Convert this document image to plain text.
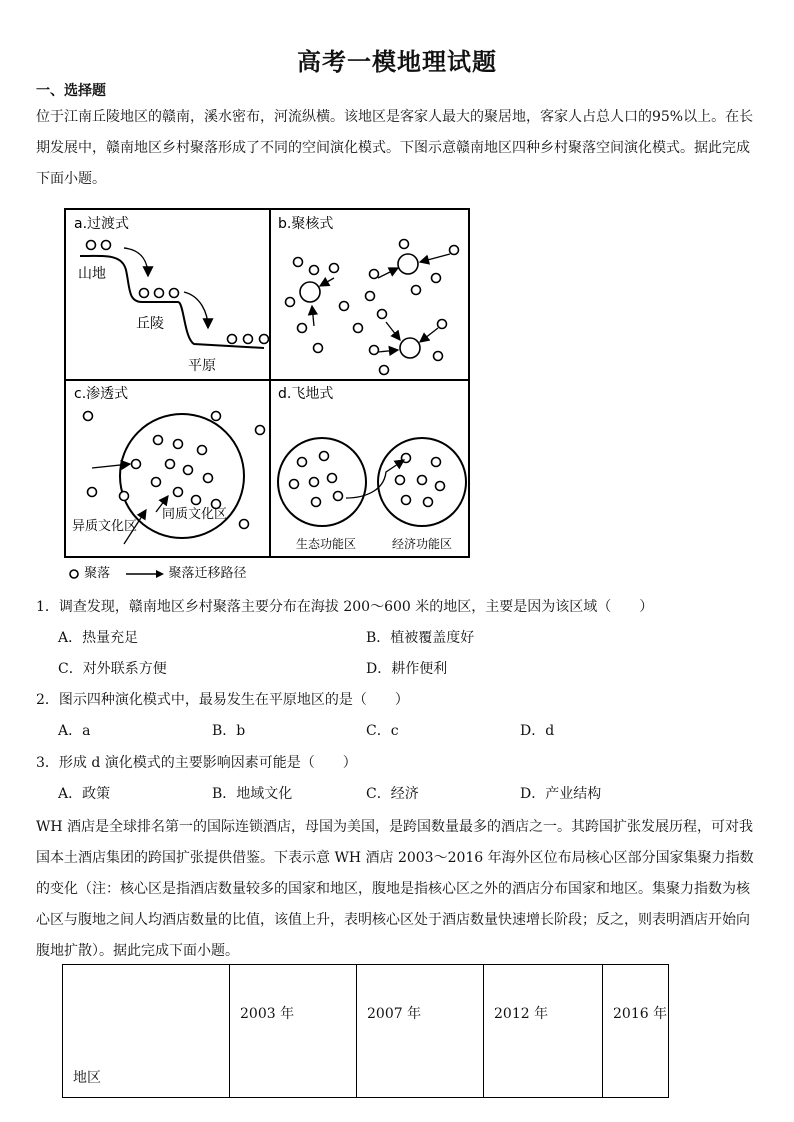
高考一模地理试题
一、选择题
位于江南丘陵地区的赣南，溪水密布，河流纵横。该地区是客家人最大的聚居地，客家人占总人口的95%以上。在长期发展中，赣南地区乡村聚落形成了不同的空间演化模式。下图示意赣南地区四种乡村聚落空间演化模式。据此完成下面小题。
a.过渡式
山地
丘陵
平原
b.聚核式
c.渗透式
异质文化区
同质文化区
d.飞地式
生态功能区	经济功能区
聚落	聚落迁移路径
1．调查发现，赣南地区乡村聚落主要分布在海拔 200～600 米的地区，主要是因为该区域（　　）
A．热量充足	B．植被覆盖度好
C．对外联系方便	D．耕作便利
2．图示四种演化模式中，最易发生在平原地区的是（　　）
A．a	B．b	C．c	D．d
3．形成 d 演化模式的主要影响因素可能是（　　）
A．政策	B．地域文化	C．经济	D．产业结构
WH 酒店是全球排名第一的国际连锁酒店，母国为美国，是跨国数量最多的酒店之一。其跨国扩张发展历程，可对我国本土酒店集团的跨国扩张提供借鉴。下表示意 WH 酒店 2003～2016 年海外区位布局核心区部分国家集聚力指数的变化（注：核心区是指酒店数量较多的国家和地区，腹地是指核心区之外的酒店分布国家和地区。集聚力指数为核心区与腹地之间人均酒店数量的比值，该值上升，表明核心区处于酒店数量快速增长阶段；反之，则表明酒店开始向腹地扩散）。据此完成下面小题。
地区	2003 年	2007 年	2012 年	2016 年
